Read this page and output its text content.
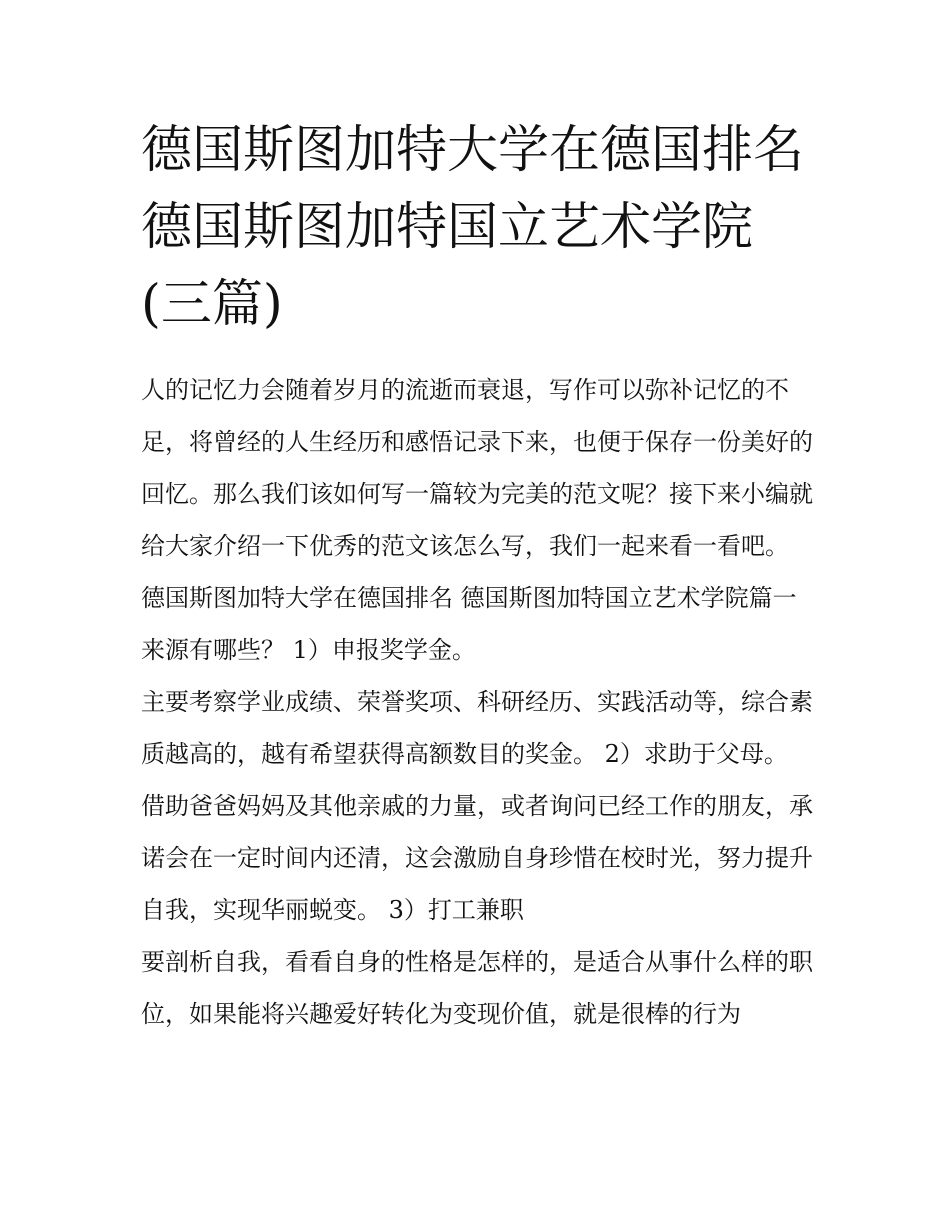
德国斯图加特大学在德国排名德国斯图加特国立艺术学院(三篇)

人的记忆力会随着岁月的流逝而衰退，写作可以弥补记忆的不足，将曾经的人生经历和感悟记录下来，也便于保存一份美好的回忆。那么我们该如何写一篇较为完美的范文呢？接下来小编就给大家介绍一下优秀的范文该怎么写，我们一起来看一看吧。

德国斯图加特大学在德国排名 德国斯图加特国立艺术学院篇一 来源有哪些？ 1）申报奖学金。

主要考察学业成绩、荣誉奖项、科研经历、实践活动等，综合素质越高的，越有希望获得高额数目的奖金。 2）求助于父母。

借助爸爸妈妈及其他亲戚的力量，或者询问已经工作的朋友，承诺会在一定时间内还清，这会激励自身珍惜在校时光，努力提升自我，实现华丽蜕变。 3）打工兼职

要剖析自我，看看自身的性格是怎样的，是适合从事什么样的职位，如果能将兴趣爱好转化为变现价值，就是很棒的行为
